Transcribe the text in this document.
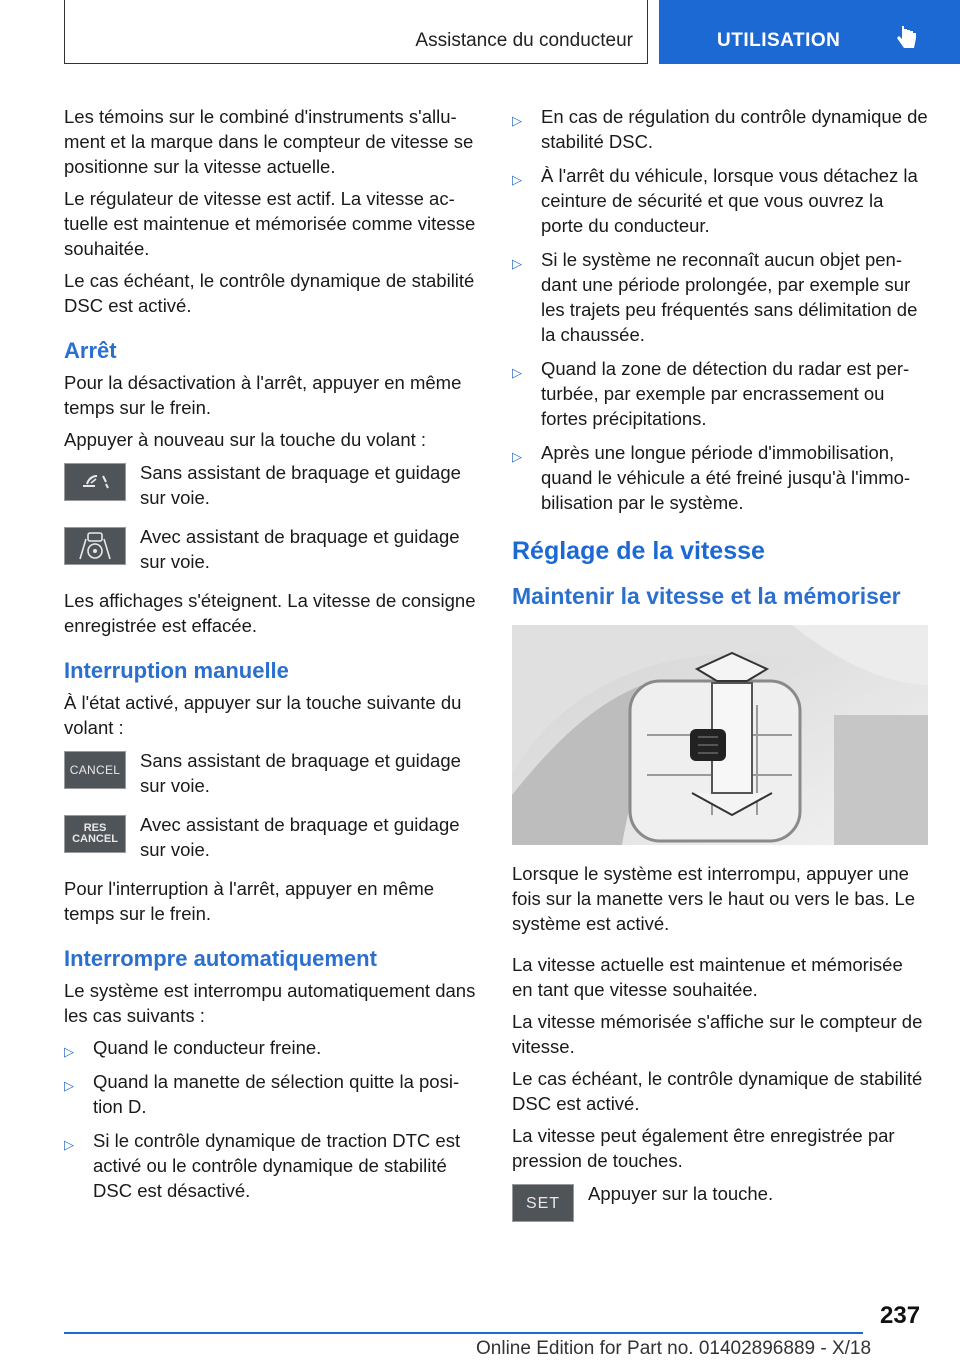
Assistance du conducteur	UTILISATION

Les témoins sur le combiné d'instruments s'allument et la marque dans le compteur de vitesse se positionne sur la vitesse actuelle.

Le régulateur de vitesse est actif. La vitesse actuelle est maintenue et mémorisée comme vitesse souhaitée.

Le cas échéant, le contrôle dynamique de stabilité DSC est activé.

Arrêt

Pour la désactivation à l'arrêt, appuyer en même temps sur le frein.

Appuyer à nouveau sur la touche du volant :

Sans assistant de braquage et guidage sur voie.
Avec assistant de braquage et guidage sur voie.

Les affichages s'éteignent. La vitesse de consigne enregistrée est effacée.

Interruption manuelle

À l'état activé, appuyer sur la touche suivante du volant :

CANCEL Sans assistant de braquage et guidage sur voie.
RES
CANCEL
Avec assistant de braquage et guidage sur voie.

Pour l'interruption à l'arrêt, appuyer en même temps sur le frein.

Interrompre automatiquement

Le système est interrompu automatiquement dans les cas suivants :

▷ Quand le conducteur freine.
▷ Quand la manette de sélection quitte la position D.
▷ Si le contrôle dynamique de traction DTC est activé ou le contrôle dynamique de stabilité DSC est désactivé.
▷ En cas de régulation du contrôle dynamique de stabilité DSC.
▷ À l'arrêt du véhicule, lorsque vous détachez la ceinture de sécurité et que vous ouvrez la porte du conducteur.
▷ Si le système ne reconnaît aucun objet pendant une période prolongée, par exemple sur les trajets peu fréquentés sans délimitation de la chaussée.
▷ Quand la zone de détection du radar est perturbée, par exemple par encrassement ou fortes précipitations.
▷ Après une longue période d'immobilisation, quand le véhicule a été freiné jusqu'à l'immobilisation par le système.
Réglage de la vitesse
Maintenir la vitesse et la mémoriser

Lorsque le système est interrompu, appuyer une fois sur la manette vers le haut ou vers le bas. Le système est activé.

La vitesse actuelle est maintenue et mémorisée en tant que vitesse souhaitée.

La vitesse mémorisée s'affiche sur le compteur de vitesse.

Le cas échéant, le contrôle dynamique de stabilité DSC est activé.

La vitesse peut également être enregistrée par pression de touches.

SET Appuyer sur la touche.
237
Online Edition for Part no. 01402896889 - X/18
